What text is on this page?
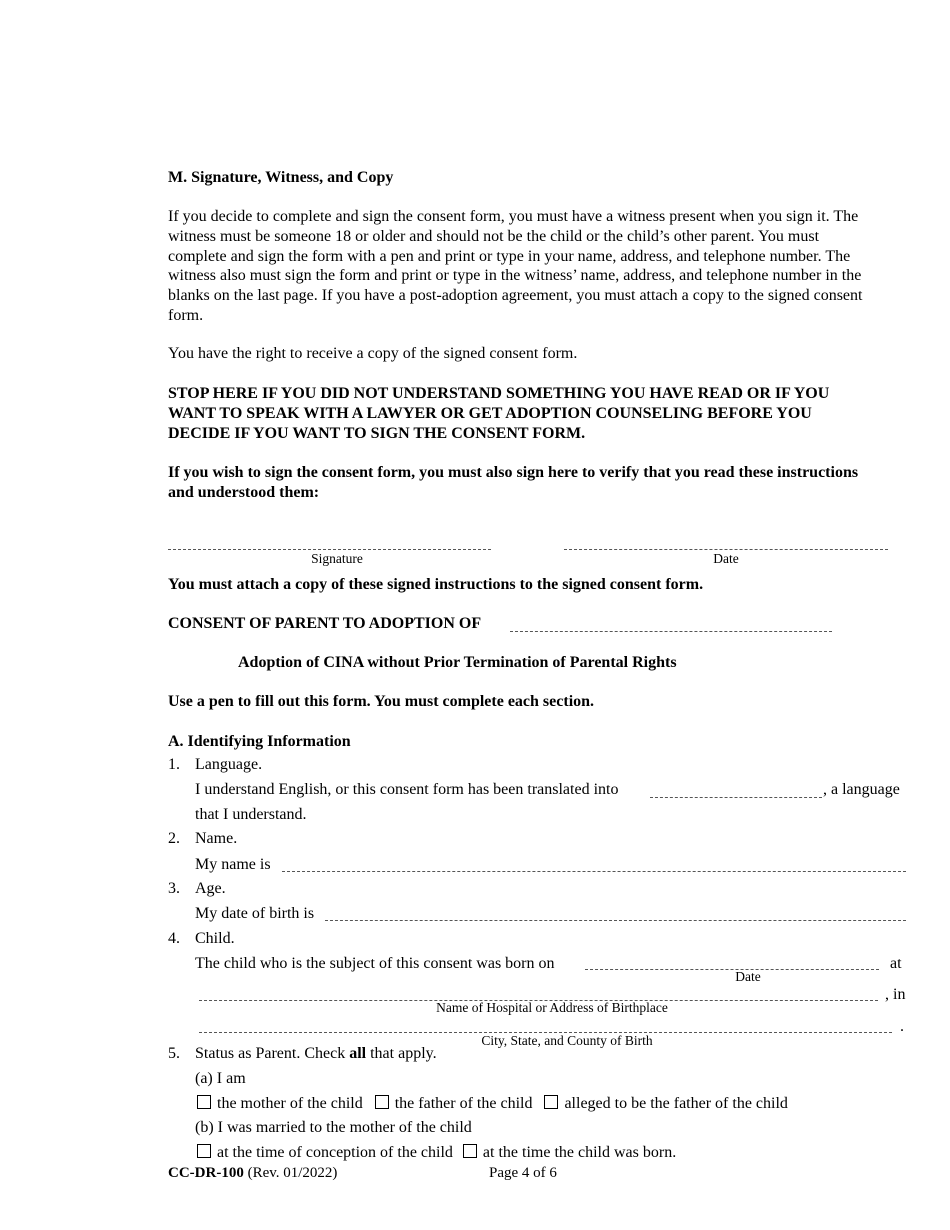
M. Signature, Witness, and Copy
If you decide to complete and sign the consent form, you must have a witness present when you sign it. The
witness must be someone 18 or older and should not be the child or the child’s other parent. You must
complete and sign the form with a pen and print or type in your name, address, and telephone number. The
witness also must sign the form and print or type in the witness’ name, address, and telephone number in the
blanks on the last page. If you have a post-adoption agreement, you must attach a copy to the signed consent
form.
You have the right to receive a copy of the signed consent form.
STOP HERE IF YOU DID NOT UNDERSTAND SOMETHING YOU HAVE READ OR IF YOU
WANT TO SPEAK WITH A LAWYER OR GET ADOPTION COUNSELING BEFORE YOU
DECIDE IF YOU WANT TO SIGN THE CONSENT FORM.
If you wish to sign the consent form, you must also sign here to verify that you read these instructions
and understood them:
Signature	Date
You must attach a copy of these signed instructions to the signed consent form.
CONSENT OF PARENT TO ADOPTION OF
Adoption of CINA without Prior Termination of Parental Rights
Use a pen to fill out this form. You must complete each section.
A. Identifying Information
1. Language.
I understand English, or this consent form has been translated into	, a language
that I understand.
2. Name.
My name is
3. Age.
My date of birth is
4. Child.
The child who is the subject of this consent was born on	at
Date
, in
Name of Hospital or Address of Birthplace
.
City, State, and County of Birth
5. Status as Parent. Check all that apply.
(a) I am
the mother of the child the father of the child alleged to be the father of the child
(b) I was married to the mother of the child
at the time of conception of the child at the time the child was born.
CC-DR-100 (Rev. 01/2022)	Page 4 of 6
